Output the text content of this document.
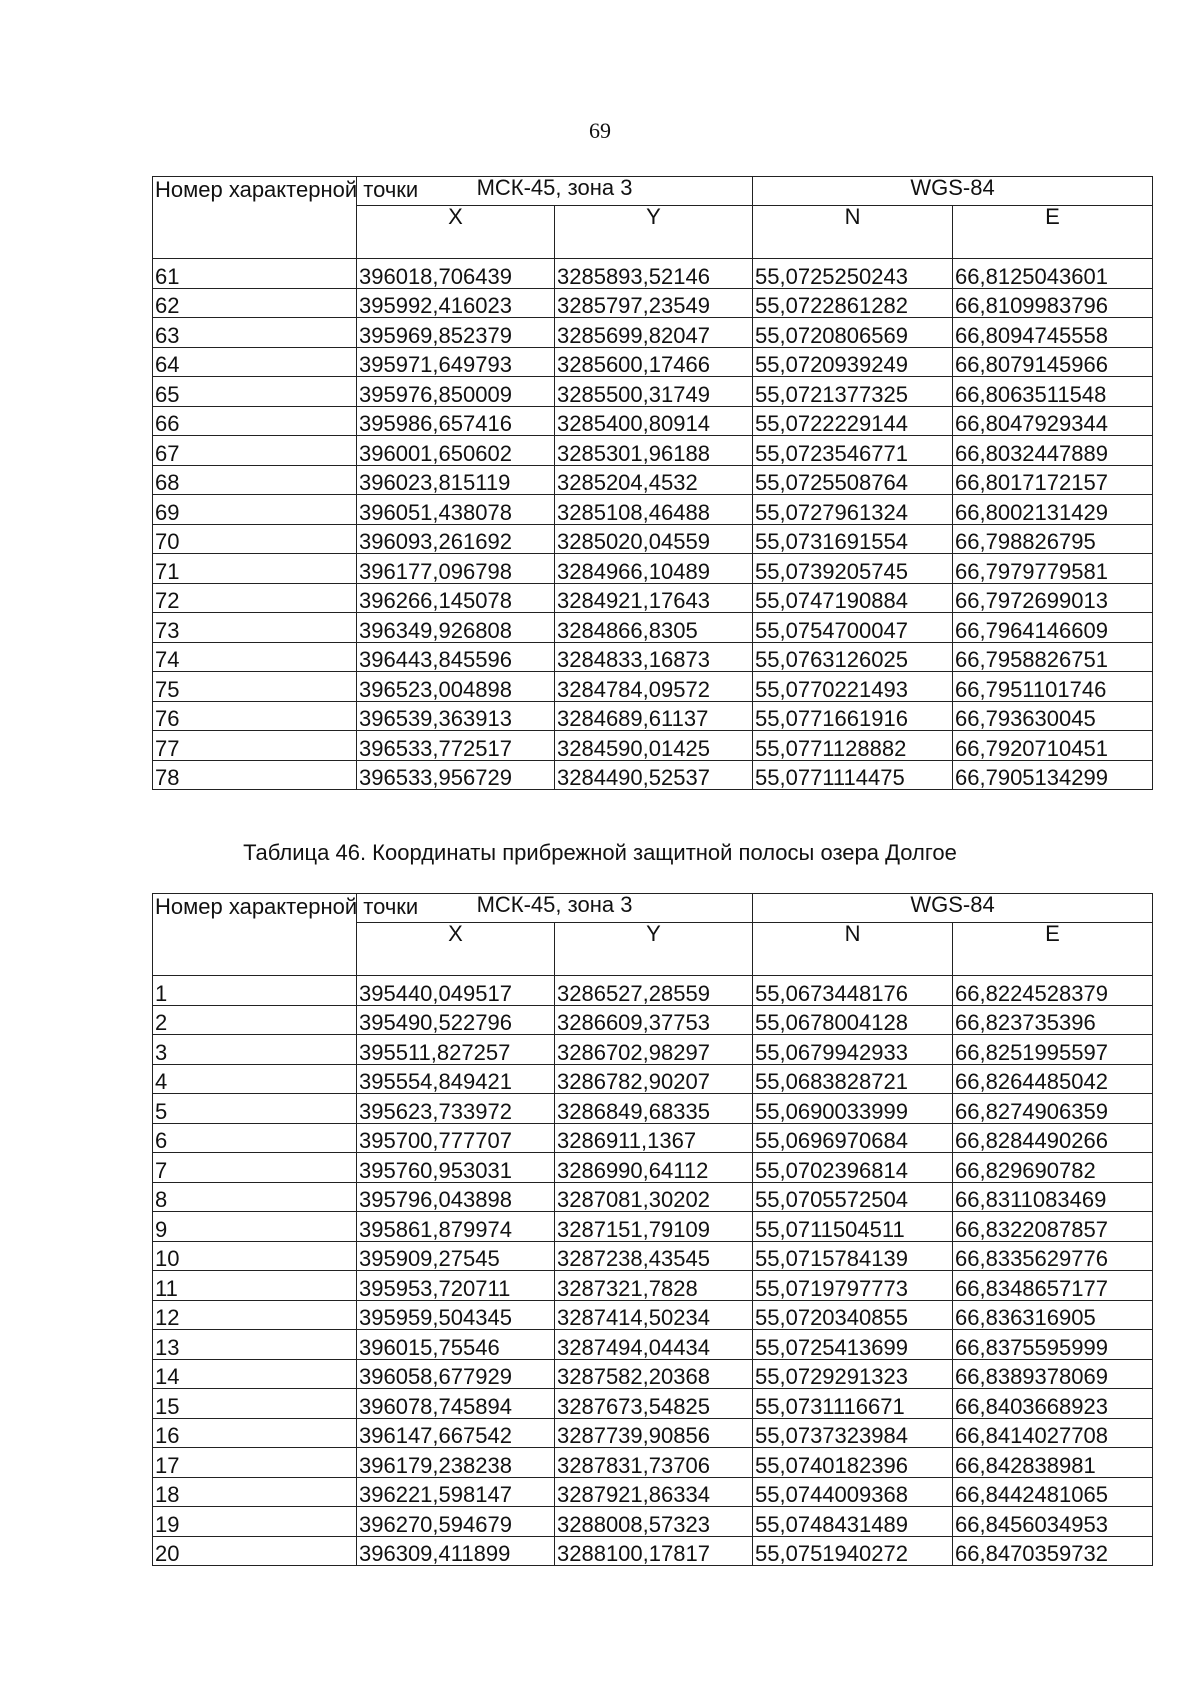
69
Номер характерной точки	МСК-45, зона 3		WGS-84	
	X	Y	N	E
61	396018,706439	3285893,52146	55,0725250243	66,8125043601
62	395992,416023	3285797,23549	55,0722861282	66,8109983796
63	395969,852379	3285699,82047	55,0720806569	66,8094745558
64	395971,649793	3285600,17466	55,0720939249	66,8079145966
65	395976,850009	3285500,31749	55,0721377325	66,8063511548
66	395986,657416	3285400,80914	55,0722229144	66,8047929344
67	396001,650602	3285301,96188	55,0723546771	66,8032447889
68	396023,815119	3285204,4532	55,0725508764	66,8017172157
69	396051,438078	3285108,46488	55,0727961324	66,8002131429
70	396093,261692	3285020,04559	55,0731691554	66,798826795
71	396177,096798	3284966,10489	55,0739205745	66,7979779581
72	396266,145078	3284921,17643	55,0747190884	66,7972699013
73	396349,926808	3284866,8305	55,0754700047	66,7964146609
74	396443,845596	3284833,16873	55,0763126025	66,7958826751
75	396523,004898	3284784,09572	55,0770221493	66,7951101746
76	396539,363913	3284689,61137	55,0771661916	66,793630045
77	396533,772517	3284590,01425	55,0771128882	66,7920710451
78	396533,956729	3284490,52537	55,0771114475	66,7905134299
Таблица 46. Координаты прибрежной защитной полосы озера Долгое
Номер характерной точки	МСК-45, зона 3		WGS-84	
	X	Y	N	E
1	395440,049517	3286527,28559	55,0673448176	66,8224528379
2	395490,522796	3286609,37753	55,0678004128	66,823735396
3	395511,827257	3286702,98297	55,0679942933	66,8251995597
4	395554,849421	3286782,90207	55,0683828721	66,8264485042
5	395623,733972	3286849,68335	55,0690033999	66,8274906359
6	395700,777707	3286911,1367	55,0696970684	66,8284490266
7	395760,953031	3286990,64112	55,0702396814	66,829690782
8	395796,043898	3287081,30202	55,0705572504	66,8311083469
9	395861,879974	3287151,79109	55,0711504511	66,8322087857
10	395909,27545	3287238,43545	55,0715784139	66,8335629776
11	395953,720711	3287321,7828	55,0719797773	66,8348657177
12	395959,504345	3287414,50234	55,0720340855	66,836316905
13	396015,75546	3287494,04434	55,0725413699	66,8375595999
14	396058,677929	3287582,20368	55,0729291323	66,8389378069
15	396078,745894	3287673,54825	55,0731116671	66,8403668923
16	396147,667542	3287739,90856	55,0737323984	66,8414027708
17	396179,238238	3287831,73706	55,0740182396	66,842838981
18	396221,598147	3287921,86334	55,0744009368	66,8442481065
19	396270,594679	3288008,57323	55,0748431489	66,8456034953
20	396309,411899	3288100,17817	55,0751940272	66,8470359732
